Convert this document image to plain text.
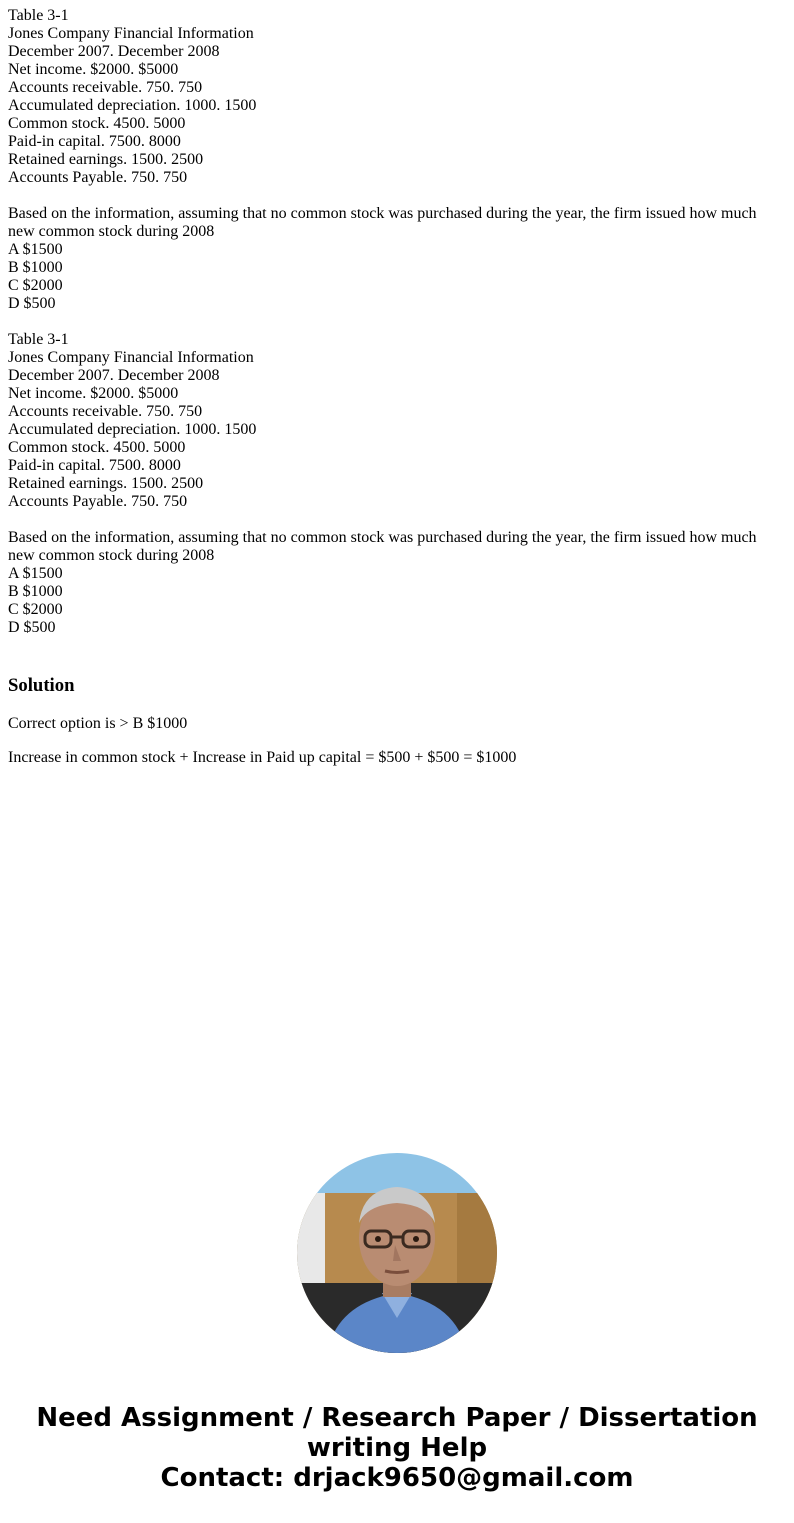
Table 3-1
Jones Company Financial Information
December 2007. December 2008
Net income. $2000. $5000
Accounts receivable. 750. 750
Accumulated depreciation. 1000. 1500
Common stock. 4500. 5000
Paid-in capital. 7500. 8000
Retained earnings. 1500. 2500
Accounts Payable. 750. 750
Based on the information, assuming that no common stock was purchased during the year, the firm issued how much new common stock during 2008
A $1500
B $1000
C $2000
D $500
Table 3-1
Jones Company Financial Information
December 2007. December 2008
Net income. $2000. $5000
Accounts receivable. 750. 750
Accumulated depreciation. 1000. 1500
Common stock. 4500. 5000
Paid-in capital. 7500. 8000
Retained earnings. 1500. 2500
Accounts Payable. 750. 750
Based on the information, assuming that no common stock was purchased during the year, the firm issued how much new common stock during 2008
A $1500
B $1000
C $2000
D $500
Solution

Correct option is > B $1000

Increase in common stock + Increase in Paid up capital = $500 + $500 = $1000

Need Assignment / Research Paper / Dissertation
writing Help
Contact: drjack9650@gmail.com
